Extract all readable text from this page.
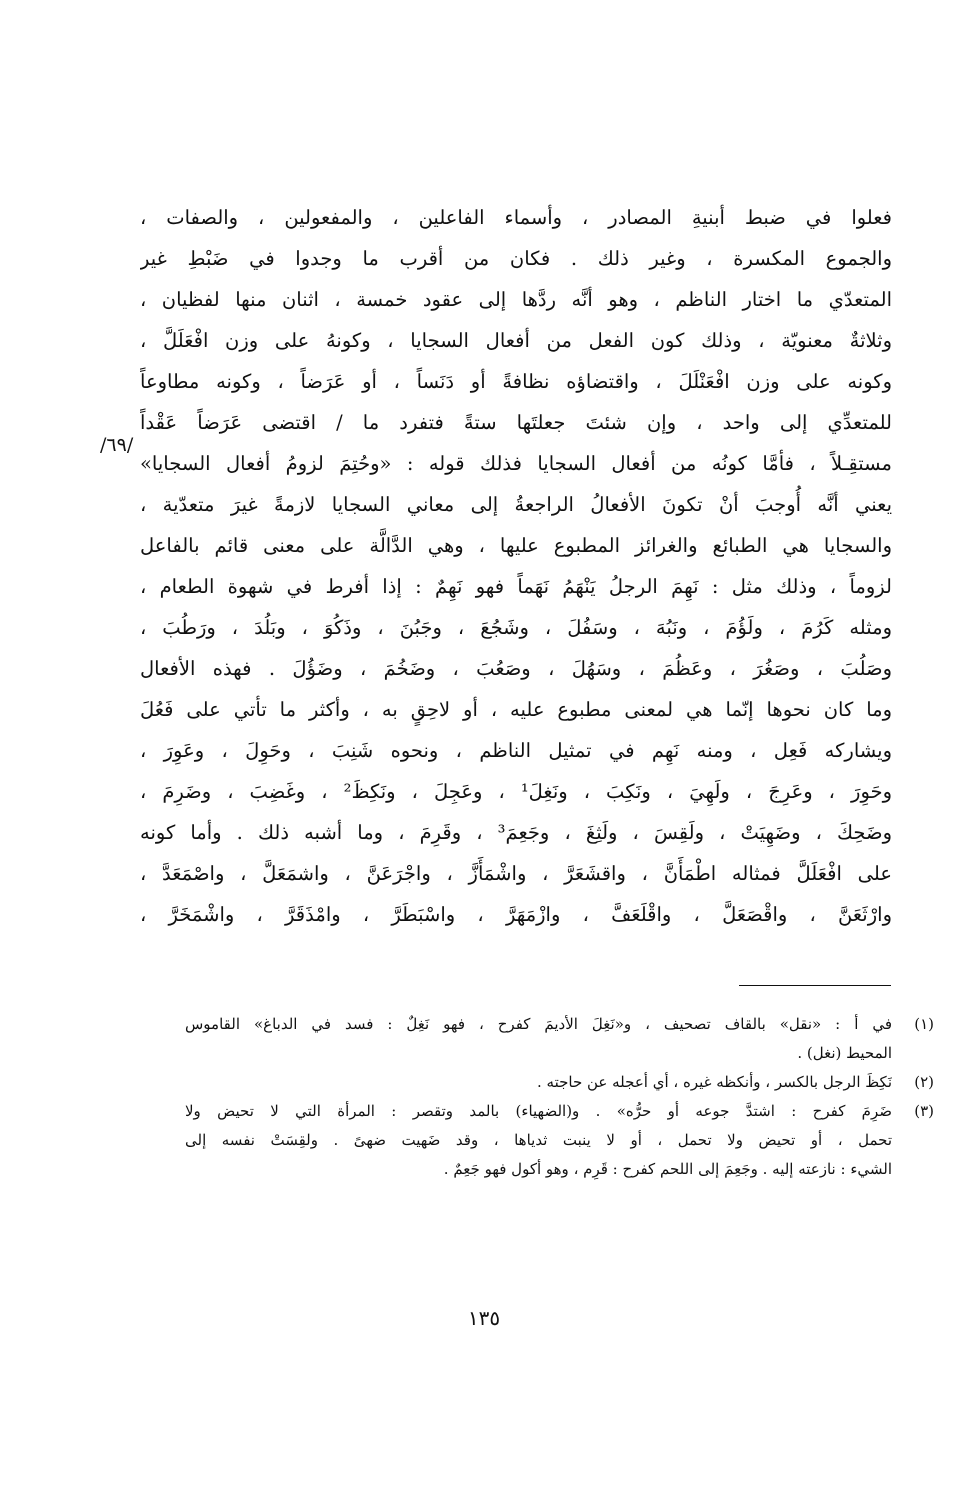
فعلوا في ضبط أبنيةِ المصادر ، وأسماء الفاعلين ، والمفعولين ، والصفات ،
والجموع المكسرة ، وغير ذلك . فكان من أقرب ما وجدوا في ضَبْطِ غير
المتعدّي ما اختار الناظم ، وهو أنَّه ردَّها إلى عقود خمسة ، اثنان منها لفظيان ،
وثلاثةٌ معنويّة ، وذلك كون الفعل من أفعال السجايا ، وكونهُ على وزن افْعَلَلَّ ،
وكونه على وزن افْعَنْلَلَ ، واقتضاؤه نظافةً أو دَنَساً ، أو عَرَضاً ، وكونه مطاوعاً
للمتعدِّي إلى واحد ، وإن شئتَ جعلتَها ستةً فتفرد ما / اقتضى عَرَضاً عَقْداً
مستقِـلاً ، فأمَّا كونُه من أفعال السجايا فذلك قوله : «وحُتِمَ لزومُ أفعال السجايا»
يعني أنَّه أُوجبَ أنْ تكونَ الأفعالُ الراجعةُ إلى معاني السجايا لازمةً غيرَ متعدّية ،
والسجايا هي الطبائع والغرائز المطبوع عليها ، وهي الدَّالَّة على معنى قائم بالفاعل
لزوماً ، وذلك مثل : نَهِمَ الرجلُ يَنْهَمُ نَهَماً فهو نَهِمٌ : إذا أفرط في شهوة الطعام ،
ومثله كَرُمَ ، ولَؤُمَ ، ونَبُهَ ، وسَفُلَ ، وشَجُعَ ، وجَبُنَ ، وذَكُوَ ، وبَلُدَ ، ورَطُبَ ،
وصَلُبَ ، وصَغُرَ ، وعَظُمَ ، وسَهُلَ ، وصَعُبَ ، وضَخُمَ ، وضَؤُلَ . فهذه الأفعال
وما كان نحوها إنّما هي لمعنى مطبوع عليه ، أو لاحِقٍ به ، وأكثر ما تأتي على فَعُلَ
ويشاركه فَعِل ، ومنه نَهِم في تمثيل الناظم ، ونحوه شَنِبَ ، وحَوِلَ ، وعَوِرَ ،
وحَوِرَ ، وعَرِجَ ، ولَهِيَ ، ونَكِبَ ، ونَغِلَ¹ ، وعَجِلَ ، ونَكِظَ² ، وغَضِبَ ، وضَرِمَ ،
وضَحِكَ ، وضَهِيَتْ ، ولَقِسَ ، ولَثِغَ ، وجَعِمَ³ ، وقَرِمَ ، وما أشبه ذلك . وأما كونه
على افْعَلَلَّ فمثاله اطْمَأَنَّ ، واقشَعَرَّ ، واشْمَأَزَّ ، واجْرَعَنَّ ، واشمَعَلَّ ، واصْمَعَدَّ ،
وارْثَعَنَّ ، واقْصَعَلَّ ، واقْلَعَفَّ ، وازْمَهَرَّ ، واسْبَطَرَّ ، وامْذَقَرَّ ، واشْمَخَرَّ ،
/٦٩/
(١)
في أ : «نقل» بالقاف تصحيف ، و«نَغِلَ الأديمَ كفرح ، فهو نَغِلٌ : فسد في الدباغ» القاموس
المحيط (نغل) .
(٢)
نَكِظَ الرجل بالكسر ، وأنكظه غيره ، أي أعجله عن حاجته .
(٣)
ضَرِمَ كفرح : اشتدَّ جوعه أو حرُّه» . و(الضهياء) بالمد وتقصر : المرأة التي لا تحيض ولا
تحمل ، أو تحيض ولا تحمل ، أو لا ينبت ثدياها ، وقد ضَهيت ضهىً . ولقِسَتْ نفسه إلى
الشيء : نازعته إليه . وجَعِمَ إلى اللحم كفرح : قَرِم ، وهو أكول فهو جَعِمٌ .
١٣٥
